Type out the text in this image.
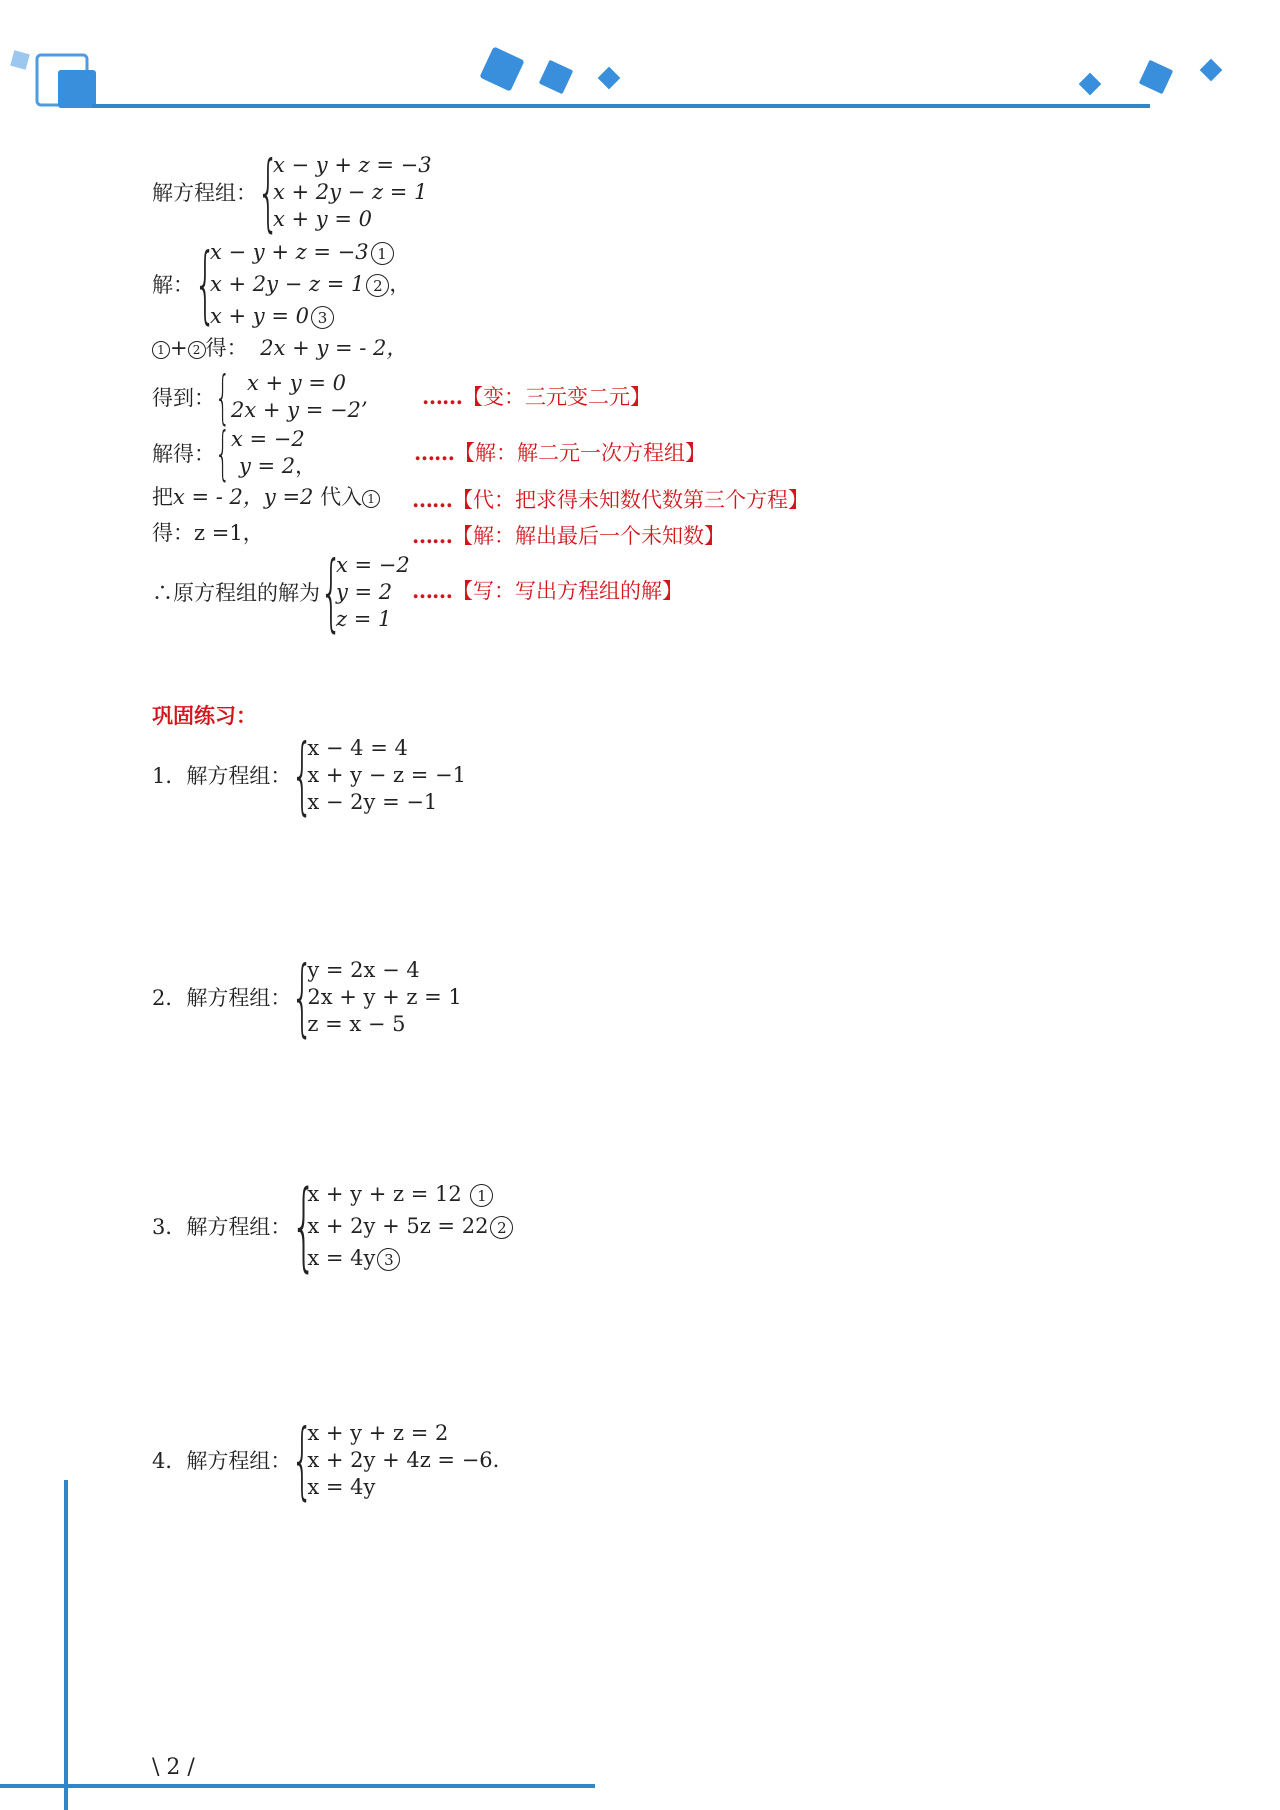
解方程组： {
x − y + z = −3
x + 2y − z = 1
x + y = 0
解： {
x − y + z = −3 1
x + 2y − z = 1 2 ，
x + y = 0 3
1 + 2 得： 2x + y = - 2，
得到： { x + y = 0
2x + y = −2’
……【变：三元变二元】
解得： { x = −2
y = 2，
……【解：解二元一次方程组】
把x = - 2，y =2 代入 1 ……【代：把求得未知数代数第三个方程】
得：z =1，	……【解：解出最后一个未知数】
∴原方程组的解为 {
x = −2
y = 2
z = 1
……【写：写出方程组的解】
巩固练习：
1．解方程组： {
x − 4 = 4
x + y − z = −1
x − 2y = −1
2．解方程组： {
y = 2x − 4
2x + y + z = 1
z = x − 5
3．解方程组： {
x + y + z = 12 1
x + 2y + 5z = 22 2
x = 4y 3
4．解方程组： {
x + y + z = 2
x + 2y + 4z = −6.
x = 4y
\ 2 /
